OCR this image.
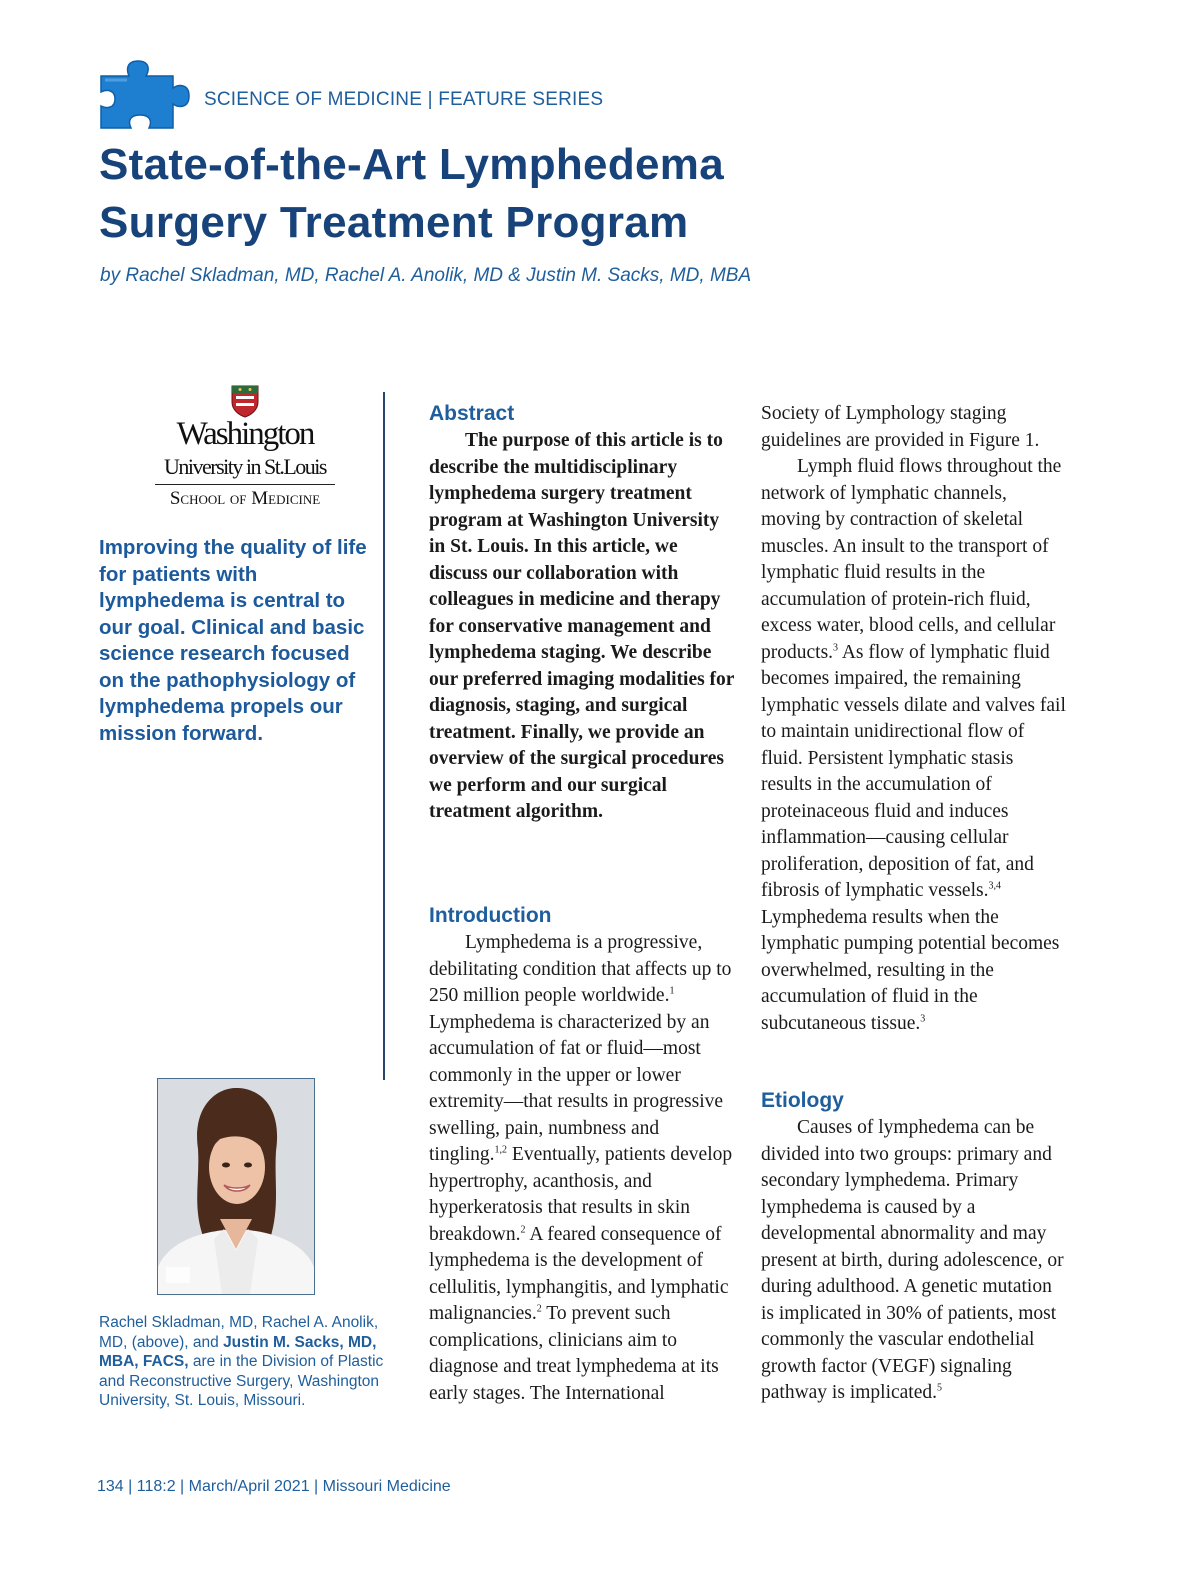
SCIENCE OF MEDICINE | FEATURE SERIES
State-of-the-Art Lymphedema
Surgery Treatment Program
by Rachel Skladman, MD, Rachel A. Anolik, MD & Justin M. Sacks, MD, MBA
Washington
University in St.Louis
School of Medicine
Improving the quality of life for patients with lymphedema is central to our goal. Clinical and basic science research focused on the pathophysiology of lymphedema propels our mission forward.
Rachel Skladman, MD, Rachel A. Anolik, MD, (above), and Justin M. Sacks, MD, MBA, FACS, are in the Division of Plastic and Reconstructive Surgery, Washington University, St. Louis, Missouri.
Abstract

The purpose of this article is to describe the multidisciplinary lymphedema surgery treatment program at Washington University in St. Louis. In this article, we discuss our collaboration with colleagues in medicine and therapy for conservative management and lymphedema staging. We describe our preferred imaging modalities for diagnosis, staging, and surgical treatment. Finally, we provide an overview of the surgical procedures we perform and our surgical treatment algorithm.

Introduction

Lymphedema is a progressive, debilitating condition that affects up to 250 million people worldwide.$^1$ Lymphedema is characterized by an accumulation of fat or fluid—most commonly in the upper or lower extremity—that results in progressive swelling, pain, numbness and tingling.$^{1,2}$ Eventually, patients develop hypertrophy, acanthosis, and hyperkeratosis that results in skin breakdown.$^2$ A feared consequence of lymphedema is the development of cellulitis, lymphangitis, and lymphatic malignancies.$^2$ To prevent such complications, clinicians aim to diagnose and treat lymphedema at its early stages. The International

Society of Lymphology staging guidelines are provided in Figure 1.

Lymph fluid flows throughout the network of lymphatic channels, moving by contraction of skeletal muscles. An insult to the transport of lymphatic fluid results in the accumulation of protein-rich fluid, excess water, blood cells, and cellular products.$^3$ As flow of lymphatic fluid becomes impaired, the remaining lymphatic vessels dilate and valves fail to maintain unidirectional flow of fluid. Persistent lymphatic stasis results in the accumulation of proteinaceous fluid and induces inflammation—causing cellular proliferation, deposition of fat, and fibrosis of lymphatic vessels.$^{3,4}$ Lymphedema results when the lymphatic pumping potential becomes overwhelmed, resulting in the accumulation of fluid in the subcutaneous tissue.$^3$

Etiology

Causes of lymphedema can be divided into two groups: primary and secondary lymphedema. Primary lymphedema is caused by a developmental abnormality and may present at birth, during adolescence, or during adulthood. A genetic mutation is implicated in 30% of patients, most commonly the vascular endothelial growth factor (VEGF) signaling pathway is implicated.$^5$

134 | 118:2 | March/April 2021 | Missouri Medicine
